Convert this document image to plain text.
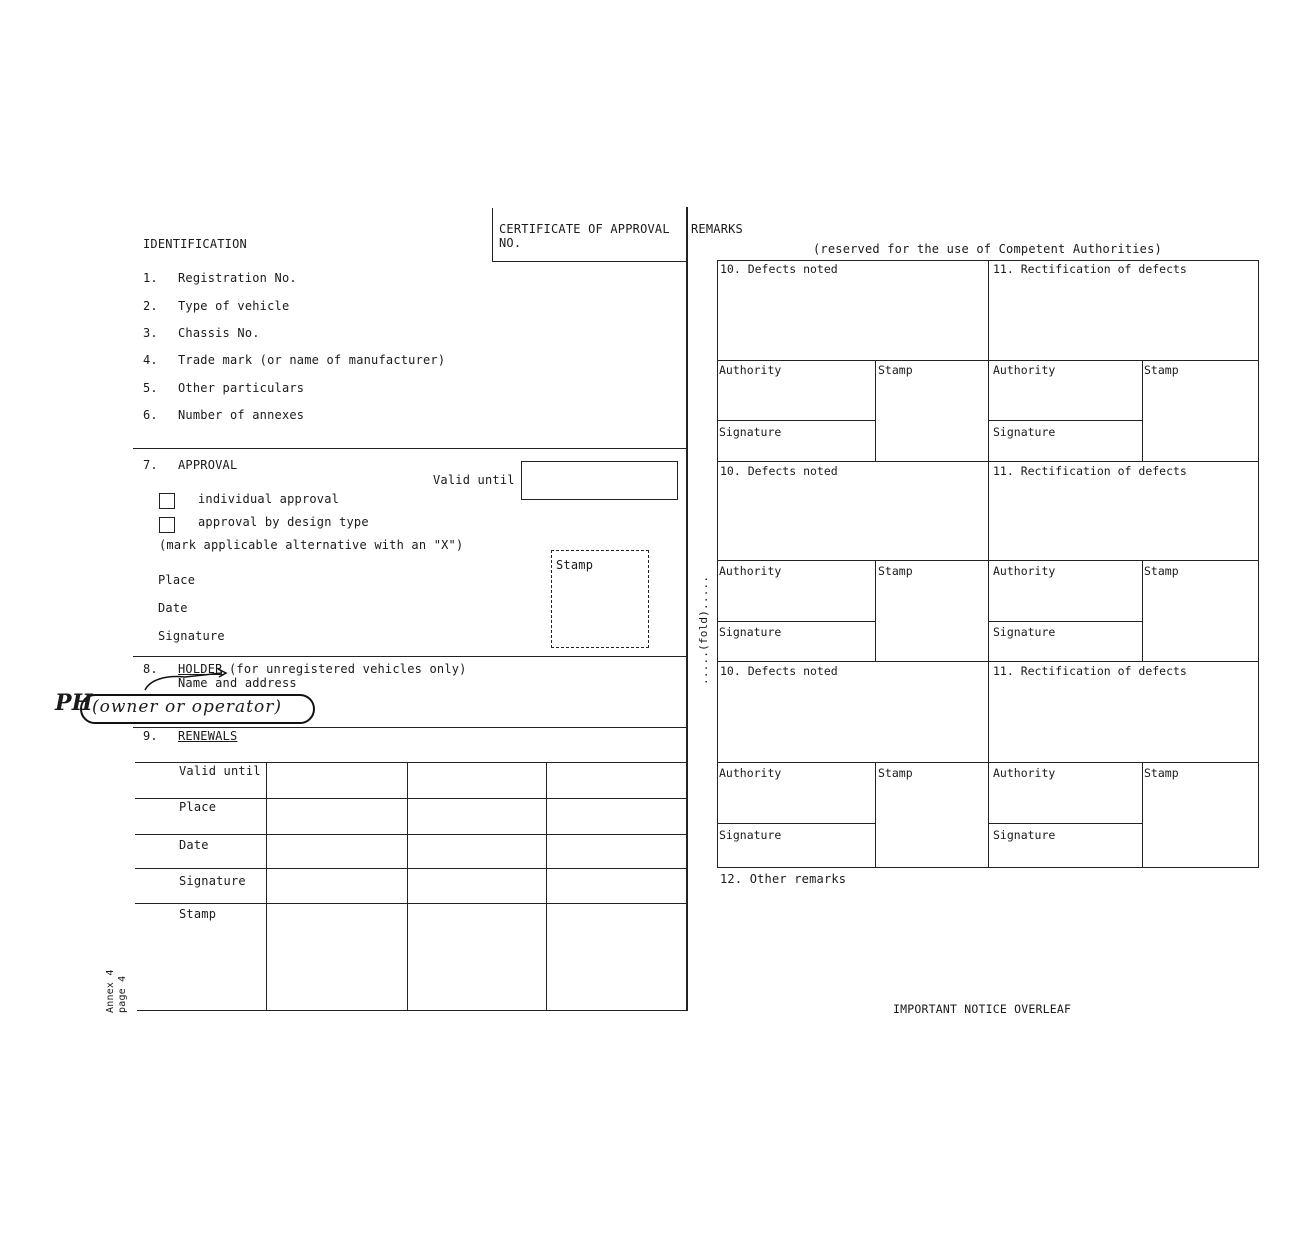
IDENTIFICATION
CERTIFICATE OF APPROVAL
NO.
1. Registration No.
2. Type of vehicle
3. Chassis No.
4. Trade mark (or name of manufacturer)
5. Other particulars
6. Number of annexes
7. APPROVAL
Valid until
individual approval
approval by design type
(mark applicable alternative with an "X")
Stamp
Place
Date
Signature
8. HOLDER (for unregistered vehicles only)
Name and address
(owner or operator)
PH
9. RENEWALS
Valid until
Place
Date
Signature
Stamp
Annex 4 page 4
.....(fold).....
REMARKS
(reserved for the use of Competent Authorities)
10. Defects noted	11. Rectification of defects
Authority	Stamp	Authority	Stamp
Signature	Signature
10. Defects noted	11. Rectification of defects
Authority	Stamp	Authority	Stamp
Signature	Signature
10. Defects noted	11. Rectification of defects
Authority	Stamp	Authority	Stamp
Signature	Signature
12. Other remarks
IMPORTANT NOTICE OVERLEAF
